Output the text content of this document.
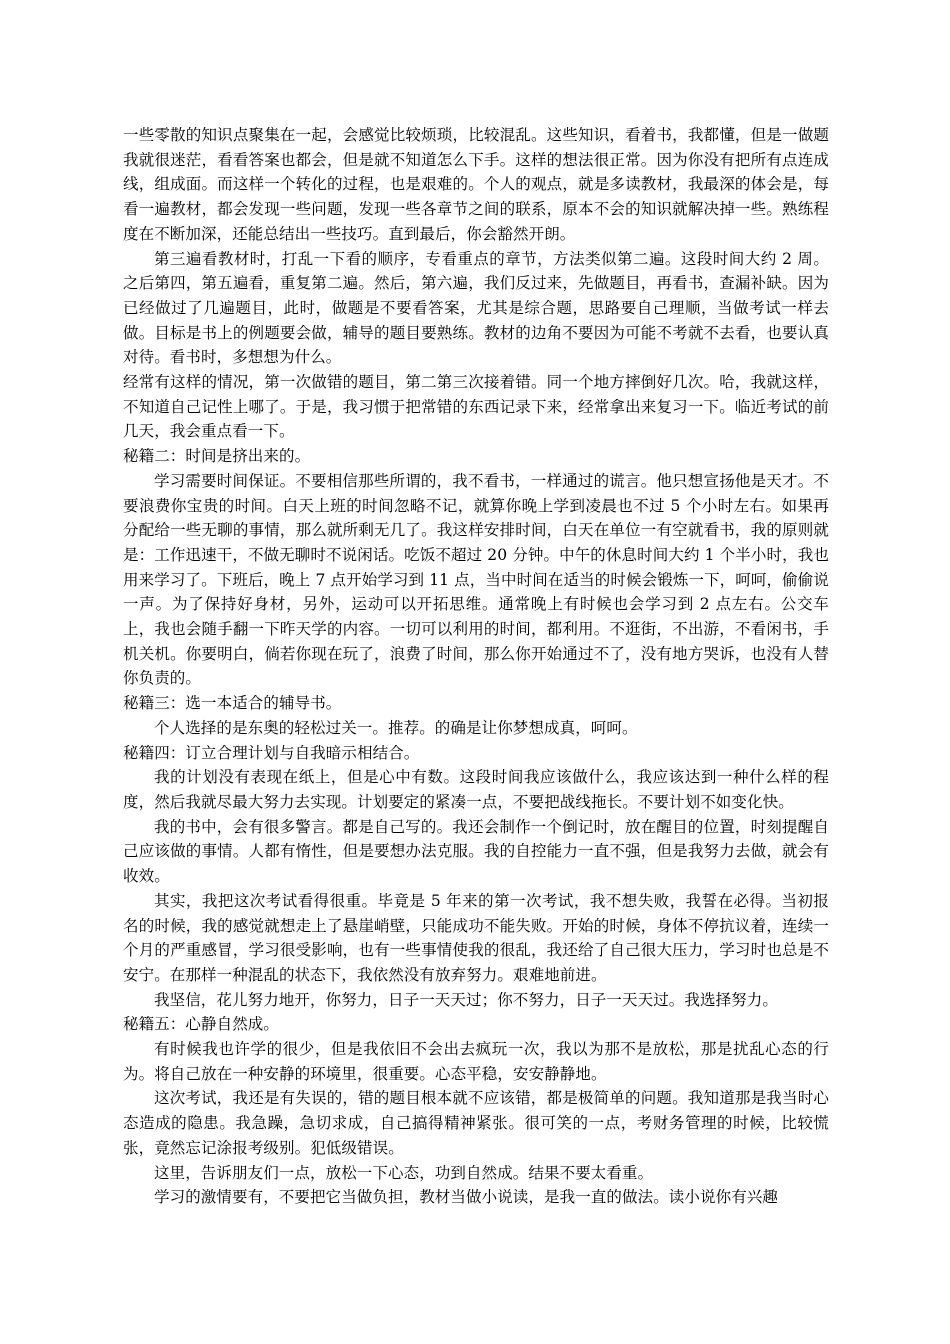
一些零散的知识点聚集在一起，会感觉比较烦琐，比较混乱。这些知识，看着书，我都懂，但是一做题我就很迷茫，看看答案也都会，但是就不知道怎么下手。这样的想法很正常。因为你没有把所有点连成线，组成面。而这样一个转化的过程，也是艰难的。个人的观点，就是多读教材，我最深的体会是，每看一遍教材，都会发现一些问题，发现一些各章节之间的联系，原本不会的知识就解决掉一些。熟练程度在不断加深，还能总结出一些技巧。直到最后，你会豁然开朗。

第三遍看教材时，打乱一下看的顺序，专看重点的章节，方法类似第二遍。这段时间大约 2 周。之后第四，第五遍看，重复第二遍。然后，第六遍，我们反过来，先做题目，再看书，查漏补缺。因为已经做过了几遍题目，此时，做题是不要看答案，尤其是综合题，思路要自己理顺，当做考试一样去做。目标是书上的例题要会做，辅导的题目要熟练。教材的边角不要因为可能不考就不去看，也要认真对待。看书时，多想想为什么。

经常有这样的情况，第一次做错的题目，第二第三次接着错。同一个地方摔倒好几次。哈，我就这样，不知道自己记性上哪了。于是，我习惯于把常错的东西记录下来，经常拿出来复习一下。临近考试的前几天，我会重点看一下。

秘籍二：时间是挤出来的。

学习需要时间保证。不要相信那些所谓的，我不看书，一样通过的谎言。他只想宣扬他是天才。不要浪费你宝贵的时间。白天上班的时间忽略不记，就算你晚上学到凌晨也不过 5 个小时左右。如果再分配给一些无聊的事情，那么就所剩无几了。我这样安排时间，白天在单位一有空就看书，我的原则就是：工作迅速干，不做无聊时不说闲话。吃饭不超过 20 分钟。中午的休息时间大约 1 个半小时，我也用来学习了。下班后，晚上 7 点开始学习到 11 点，当中时间在适当的时候会锻炼一下，呵呵，偷偷说一声。为了保持好身材，另外，运动可以开拓思维。通常晚上有时候也会学习到 2 点左右。公交车上，我也会随手翻一下昨天学的内容。一切可以利用的时间，都利用。不逛街，不出游，不看闲书，手机关机。你要明白，倘若你现在玩了，浪费了时间，那么你开始通过不了，没有地方哭诉，也没有人替你负责的。

秘籍三：选一本适合的辅导书。

个人选择的是东奥的轻松过关一。推荐。的确是让你梦想成真，呵呵。

秘籍四：订立合理计划与自我暗示相结合。

我的计划没有表现在纸上，但是心中有数。这段时间我应该做什么，我应该达到一种什么样的程度，然后我就尽最大努力去实现。计划要定的紧凑一点，不要把战线拖长。不要计划不如变化快。

我的书中，会有很多警言。都是自己写的。我还会制作一个倒记时，放在醒目的位置，时刻提醒自己应该做的事情。人都有惰性，但是要想办法克服。我的自控能力一直不强，但是我努力去做，就会有收效。

其实，我把这次考试看得很重。毕竟是 5 年来的第一次考试，我不想失败，我誓在必得。当初报名的时候，我的感觉就想走上了悬崖峭壁，只能成功不能失败。开始的时候，身体不停抗议着，连续一个月的严重感冒，学习很受影响，也有一些事情使我的很乱，我还给了自己很大压力，学习时也总是不安宁。在那样一种混乱的状态下，我依然没有放弃努力。艰难地前进。

我坚信，花儿努力地开，你努力，日子一天天过；你不努力，日子一天天过。我选择努力。

秘籍五：心静自然成。

有时候我也许学的很少，但是我依旧不会出去疯玩一次，我以为那不是放松，那是扰乱心态的行为。将自己放在一种安静的环境里，很重要。心态平稳，安安静静地。

这次考试，我还是有失误的，错的题目根本就不应该错，都是极简单的问题。我知道那是我当时心态造成的隐患。我急躁，急切求成，自己搞得精神紧张。很可笑的一点，考财务管理的时候，比较慌张，竟然忘记涂报考级别。犯低级错误。

这里，告诉朋友们一点，放松一下心态，功到自然成。结果不要太看重。

学习的激情要有，不要把它当做负担，教材当做小说读，是我一直的做法。读小说你有兴趣
